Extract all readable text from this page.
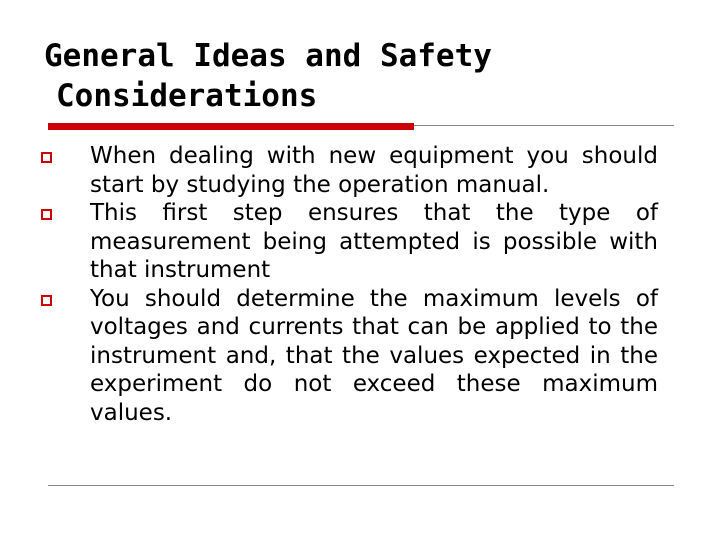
General Ideas and Safety
Considerations
When dealing with new equipment you should start by studying the operation manual.
This first step ensures that the type of measurement being attempted is possible with that instrument
You should determine the maximum levels of voltages and currents that can be applied to the instrument and, that the values expected in the experiment do not exceed these maximum values.
